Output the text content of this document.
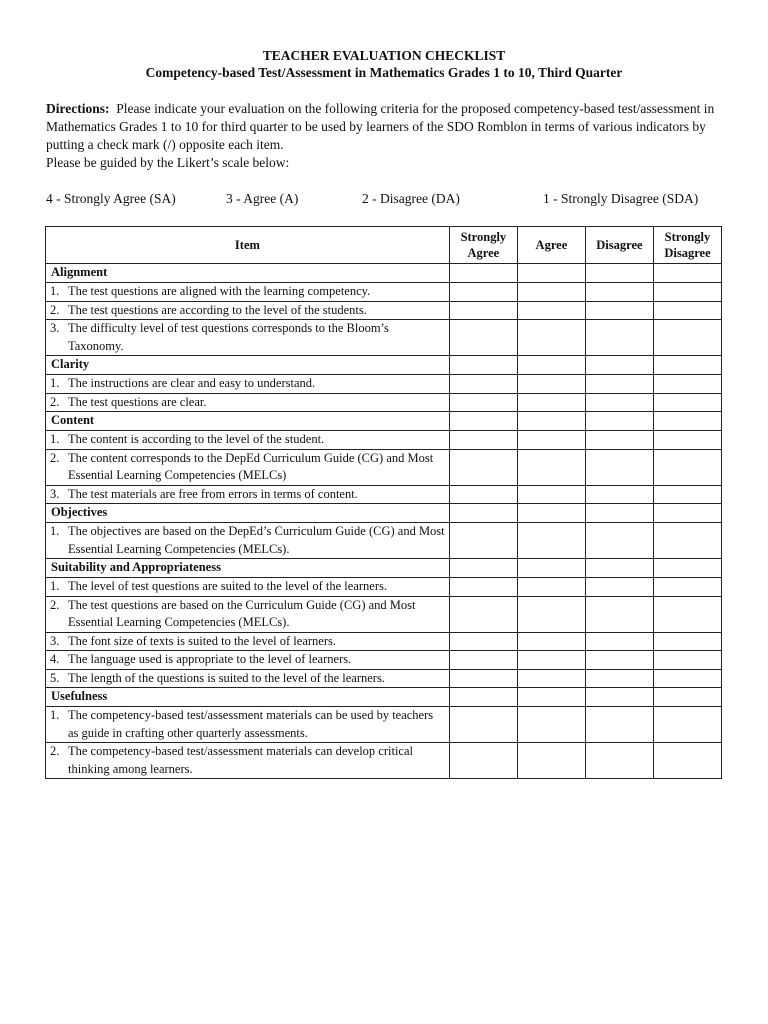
TEACHER EVALUATION CHECKLIST
Competency-based Test/Assessment in Mathematics Grades 1 to 10, Third Quarter
Directions: Please indicate your evaluation on the following criteria for the proposed competency-based test/assessment in Mathematics Grades 1 to 10 for third quarter to be used by learners of the SDO Romblon in terms of various indicators by putting a check mark (/) opposite each item.
Please be guided by the Likert’s scale below:
4 - Strongly Agree (SA)	3 - Agree (A)	2 - Disagree (DA)	1 - Strongly Disagree (SDA)
Item	Strongly Agree	Agree	Disagree	Strongly Disagree
Alignment				

1. The test questions are aligned with the learning competency.				

2. The test questions are according to the level of the students.				

3. The difficulty level of test questions corresponds to the Bloom’s Taxonomy.				

Clarity				

1. The instructions are clear and easy to understand.				

2. The test questions are clear.				

Content				

1. The content is according to the level of the student.				

2. The content corresponds to the DepEd Curriculum Guide (CG) and Most Essential Learning Competencies (MELCs)				

3. The test materials are free from errors in terms of content.				

Objectives				

1. The objectives are based on the DepEd’s Curriculum Guide (CG) and Most Essential Learning Competencies (MELCs).				

Suitability and Appropriateness				

1. The level of test questions are suited to the level of the learners.				

2. The test questions are based on the Curriculum Guide (CG) and Most Essential Learning Competencies (MELCs).				

3. The font size of texts is suited to the level of learners.				

4. The language used is appropriate to the level of learners.				

5. The length of the questions is suited to the level of the learners.				

Usefulness				

1. The competency-based test/assessment materials can be used by teachers as guide in crafting other quarterly assessments.				

2. The competency-based test/assessment materials can develop critical thinking among learners.				
